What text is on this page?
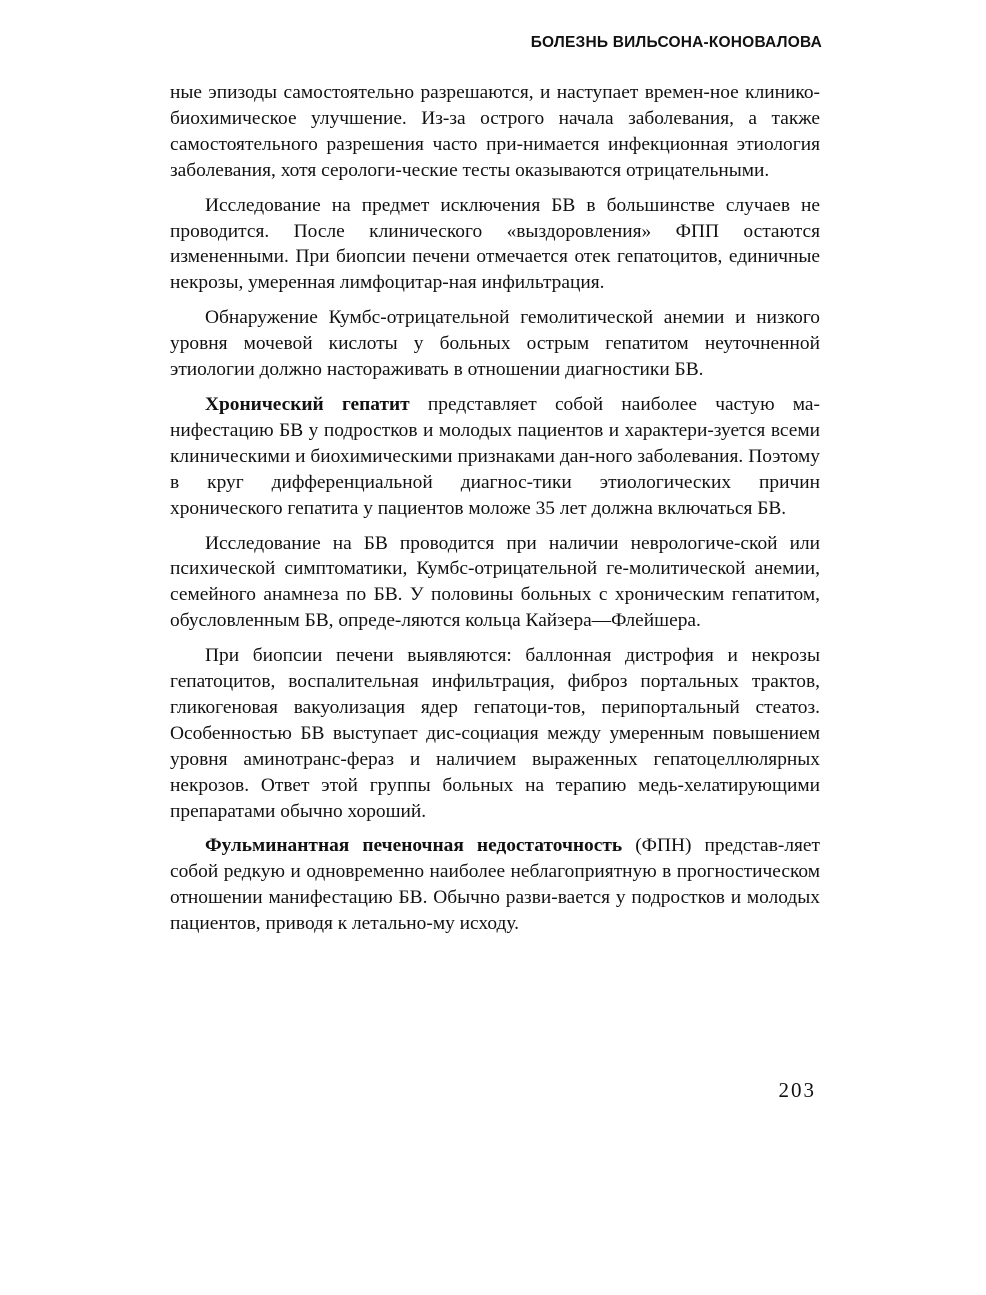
БОЛЕЗНЬ ВИЛЬСОНА-КОНОВАЛОВА

ные эпизоды самостоятельно разрешаются, и наступает времен-ное клинико-биохимическое улучшение. Из-за острого начала заболевания, а также самостоятельного разрешения часто при-нимается инфекционная этиология заболевания, хотя серологи-ческие тесты оказываются отрицательными.

Исследование на предмет исключения БВ в большинстве случаев не проводится. После клинического «выздоровления» ФПП остаются измененными. При биопсии печени отмечается отек гепатоцитов, единичные некрозы, умеренная лимфоцитар-ная инфильтрация.

Обнаружение Кумбс-отрицательной гемолитической анемии и низкого уровня мочевой кислоты у больных острым гепатитом неуточненной этиологии должно настораживать в отношении диагностики БВ.

Хронический гепатит представляет собой наиболее частую ма-нифестацию БВ у подростков и молодых пациентов и характери-зуется всеми клиническими и биохимическими признаками дан-ного заболевания. Поэтому в круг дифференциальной диагнос-тики этиологических причин хронического гепатита у пациентов моложе 35 лет должна включаться БВ.

Исследование на БВ проводится при наличии неврологиче-ской или психической симптоматики, Кумбс-отрицательной ге-молитической анемии, семейного анамнеза по БВ. У половины больных с хроническим гепатитом, обусловленным БВ, опреде-ляются кольца Кайзера—Флейшера.

При биопсии печени выявляются: баллонная дистрофия и некрозы гепатоцитов, воспалительная инфильтрация, фиброз портальных трактов, гликогеновая вакуолизация ядер гепатоци-тов, перипортальный стеатоз. Особенностью БВ выступает дис-социация между умеренным повышением уровня аминотранс-фераз и наличием выраженных гепатоцеллюлярных некрозов. Ответ этой группы больных на терапию медь-хелатирующими препаратами обычно хороший.

Фульминантная печеночная недостаточность (ФПН) представ-ляет собой редкую и одновременно наиболее неблагоприятную в прогностическом отношении манифестацию БВ. Обычно разви-вается у подростков и молодых пациентов, приводя к летально-му исходу.

203
